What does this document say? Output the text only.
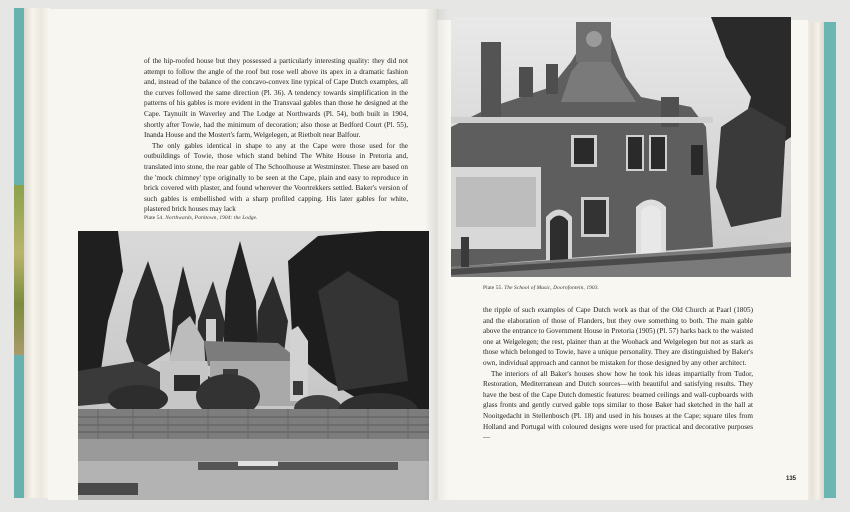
of the hip-roofed house but they possessed a particularly interesting quality: they did not attempt to follow the angle of the roof but rose well above its apex in a dramatic fashion and, instead of the balance of the concavo-convex line typical of Cape Dutch examples, all the curves followed the same direction (Pl. 36). A tendency towards simplification in the patterns of his gables is more evident in the Transvaal gables than those he designed at the Cape. Taynuilt in Waverley and The Lodge at Northwards (Pl. 54), both built in 1904, shortly after Towie, had the minimum of decoration; also those at Bedford Court (Pl. 55), Inanda House and the Mostert's farm, Welgelegen, at Rietbolt near Balfour.

The only gables identical in shape to any at the Cape were those used for the outbuildings of Towie, those which stand behind The White House in Pretoria and, translated into stone, the rear gable of The Schoolhouse at Westminster. These are based on the 'mock chimney' type originally to be seen at the Cape, plain and easy to reproduce in brick covered with plaster, and found wherever the Voortrekkers settled. Baker's version of such gables is embellished with a sharp profiled capping. His later gables for white, plastered brick houses may lack

Plate 54. Northwards, Parktown, 1904: the Lodge.
Plate 55. The School of Music, Doornfontein, 1903.

the ripple of such examples of Cape Dutch work as that of the Old Church at Paarl (1805) and the elaboration of those of Flanders, but they owe something to both. The main gable above the entrance to Government House in Pretoria (1905) (Pl. 57) harks back to the waisted one at Welgelegen; the rest, plainer than at the Woohack and Welgelegen but not as stark as those which belonged to Towie, have a unique personality. They are distinguished by Baker's own, individual approach and cannot be mistaken for those designed by any other architect.

The interiors of all Baker's houses show how he took his ideas impartially from Tudor, Restoration, Mediterranean and Dutch sources—with beautiful and satisfying results. They have the best of the Cape Dutch domestic features: beamed ceilings and wall-cupboards with glass fronts and gently curved gable tops similar to those Baker had sketched in the hall at Nooitgedacht in Stellenbosch (Pl. 18) and used in his houses at the Cape; square tiles from Holland and Portugal with coloured designs were used for practical and decorative purposes—

135
